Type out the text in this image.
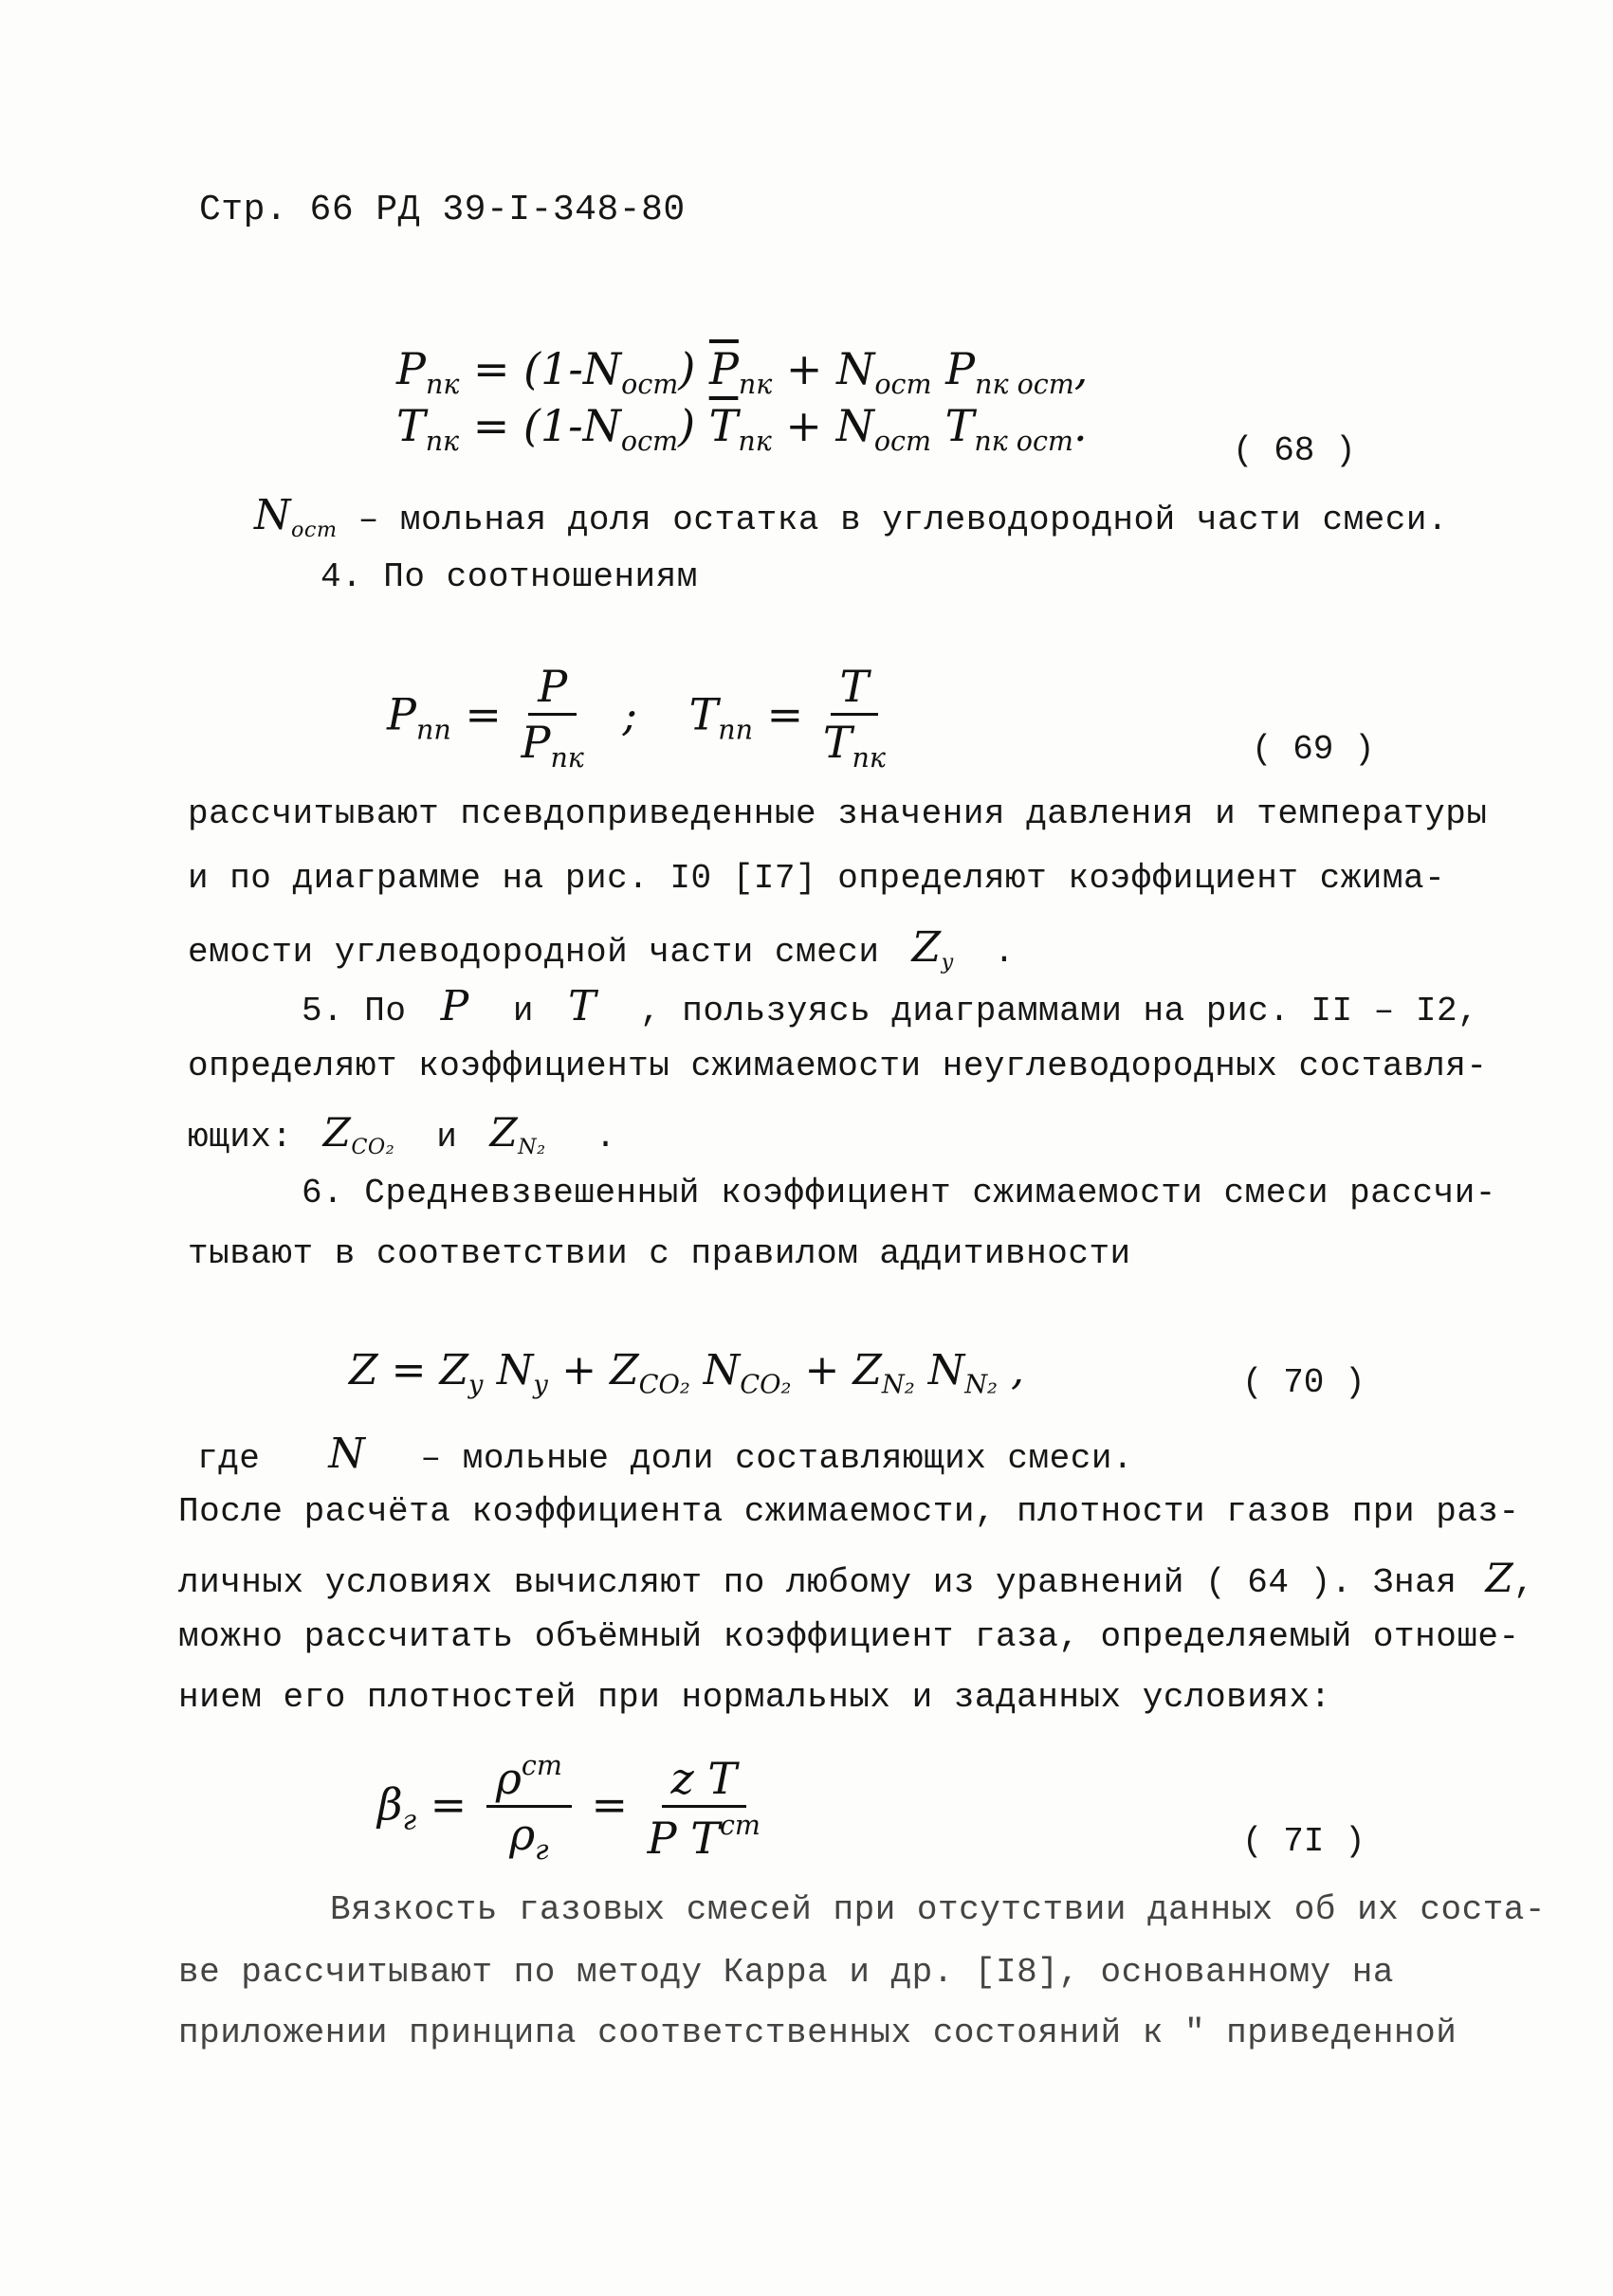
Стр. 66 РД 39-I-348-80
$P_{пк} = (1-N_{ост}) \overline{P}_{пк} + N_{ост}$ $P_{пк ост}$,
$T_{пк} = (1-N_{ост}) \overline{T}_{пк} + N_{ост}$ $T_{пк ост}$.	( 68 )
$N_{ост}$ – мольная доля остатка в углеводородной части смеси.
4. По соотношениям
$P_{пп} = \frac{P}{P_{пк}}$ ; $T_{пп} = \frac{T}{T_{пк}}$	( 69 )
рассчитывают псевдоприведенные значения давления и температуры
и по диаграмме на рис. I0 [I7] определяют коэффициент сжима-
емости углеводородной части смеси $Z_у$ .
5. По P и T , пользуясь диаграммами на рис. II – I2,
определяют коэффициенты сжимаемости неуглеводородных составля-
ющих: $Z_{CO_2}$ и $Z_{N_2}$ .
6. Средневзвешенный коэффициент сжимаемости смеси рассчи-
тывают в соответствии с правилом аддитивности
$Z = Z_у$ $N_у + Z_{CO_2}$ $N_{CO_2} + Z_{N_2}$ $N_{N_2}$ ,	( 70 )
где N – мольные доли составляющих смеси.
После расчёта коэффициента сжимаемости, плотности газов при раз-
личных условиях вычисляют по любому из уравнений ( 64 ). Зная Z,
можно рассчитать объёмный коэффициент газа, определяемый отноше-
нием его плотностей при нормальных и заданных условиях:
$\beta_г = \frac{\rho^{ст}}{\rho_г} = \frac{\text{z T}}{P T^{ст}}$	( 7I )
Вязкость газовых смесей при отсутствии данных об их соста-
ве рассчитывают по методу Карра и др. [I8], основанному на
приложении принципа соответственных состояний к " приведенной
